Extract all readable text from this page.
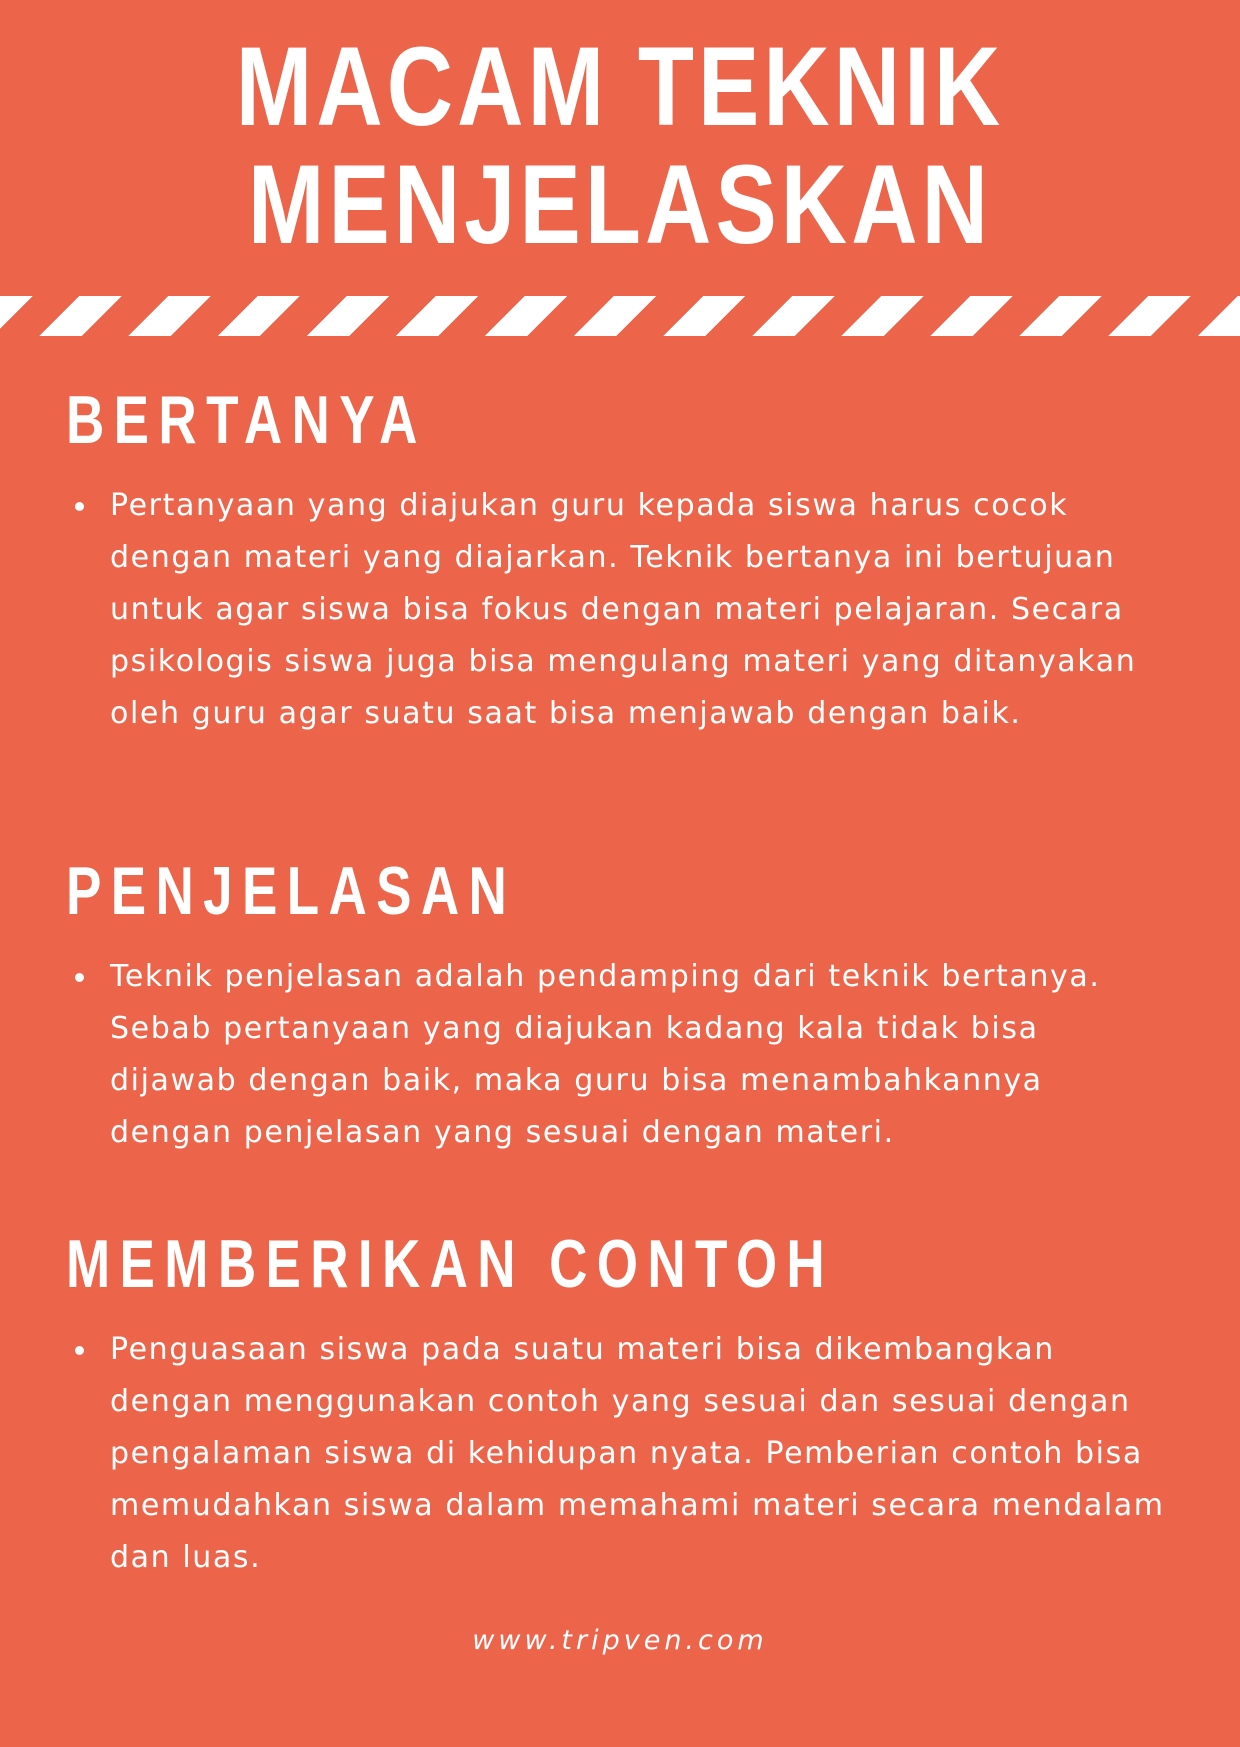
MACAM TEKNIK
MENJELASKAN
BERTANYA
Pertanyaan yang diajukan guru kepada siswa harus cocok dengan materi yang diajarkan. Teknik bertanya ini bertujuan untuk agar siswa bisa fokus dengan materi pelajaran. Secara psikologis siswa juga bisa mengulang materi yang ditanyakan oleh guru agar suatu saat bisa menjawab dengan baik.
PENJELASAN
Teknik penjelasan adalah pendamping dari teknik bertanya. Sebab pertanyaan yang diajukan kadang kala tidak bisa dijawab dengan baik, maka guru bisa menambahkannya dengan penjelasan yang sesuai dengan materi.
MEMBERIKAN CONTOH
Penguasaan siswa pada suatu materi bisa dikembangkan dengan menggunakan contoh yang sesuai dan sesuai dengan pengalaman siswa di kehidupan nyata. Pemberian contoh bisa memudahkan siswa dalam memahami materi secara mendalam dan luas.

www.tripven.com
